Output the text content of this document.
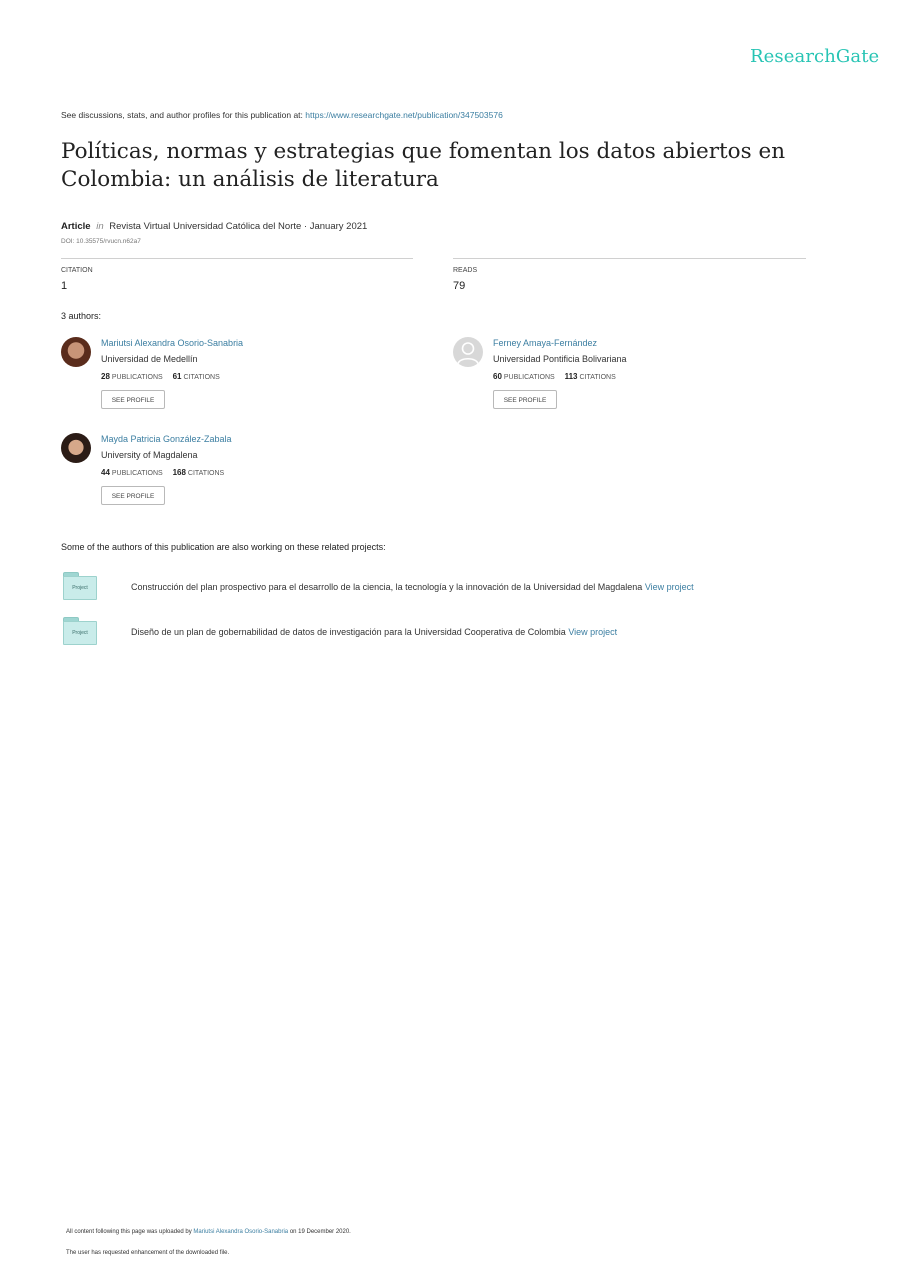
ResearchGate
See discussions, stats, and author profiles for this publication at: https://www.researchgate.net/publication/347503576
Políticas, normas y estrategias que fomentan los datos abiertos en Colombia: un análisis de literatura
Article in Revista Virtual Universidad Católica del Norte · January 2021
DOI: 10.35575/rvucn.n62a7
CITATION
1
READS
79
3 authors:
Mariutsi Alexandra Osorio-Sanabria
Universidad de Medellín
28 PUBLICATIONS 61 CITATIONS
SEE PROFILE
Ferney Amaya-Fernández
Universidad Pontificia Bolivariana
60 PUBLICATIONS 113 CITATIONS
SEE PROFILE
Mayda Patricia González-Zabala
University of Magdalena
44 PUBLICATIONS 168 CITATIONS
SEE PROFILE
Some of the authors of this publication are also working on these related projects:
Project	Construcción del plan prospectivo para el desarrollo de la ciencia, la tecnología y la innovación de la Universidad del Magdalena View project
Project	Diseño de un plan de gobernabilidad de datos de investigación para la Universidad Cooperativa de Colombia View project
All content following this page was uploaded by Mariutsi Alexandra Osorio-Sanabria on 19 December 2020.
The user has requested enhancement of the downloaded file.
